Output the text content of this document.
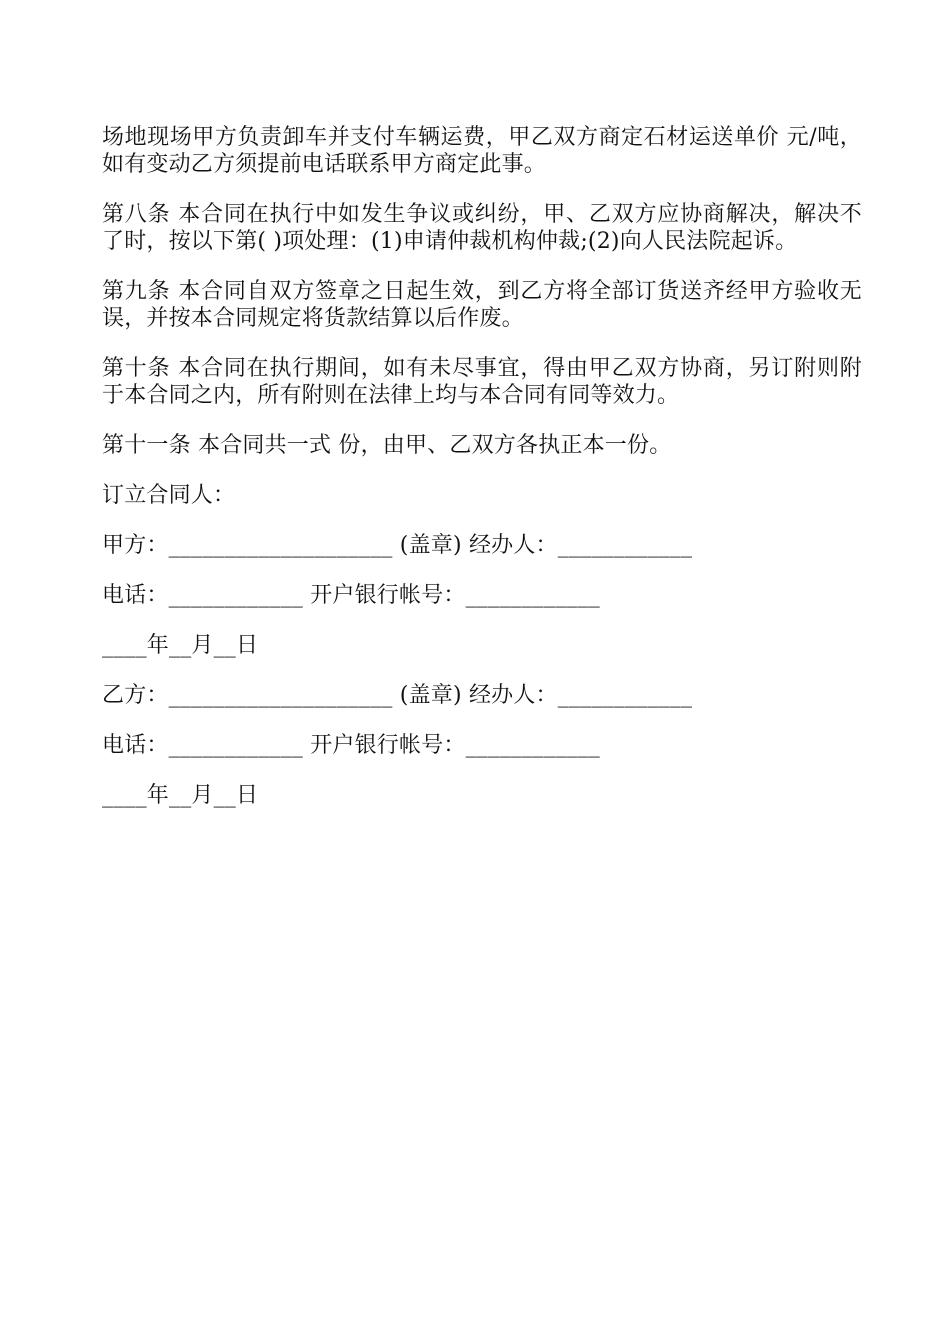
场地现场甲方负责卸车并支付车辆运费，甲乙双方商定石材运送单价 元/吨，如有变动乙方须提前电话联系甲方商定此事。

第八条 本合同在执行中如发生争议或纠纷，甲、乙双方应协商解决，解决不了时，按以下第( )项处理：(1)申请仲裁机构仲裁;(2)向人民法院起诉。

第九条 本合同自双方签章之日起生效，到乙方将全部订货送齐经甲方验收无误，并按本合同规定将货款结算以后作废。

第十条 本合同在执行期间，如有未尽事宜，得由甲乙双方协商，另订附则附于本合同之内，所有附则在法律上均与本合同有同等效力。

第十一条 本合同共一式 份，由甲、乙双方各执正本一份。

订立合同人：

甲方：____________________ (盖章) 经办人：____________

电话：____________ 开户银行帐号：____________

____年__月__日

乙方：____________________ (盖章) 经办人：____________

电话：____________ 开户银行帐号：____________

____年__月__日
